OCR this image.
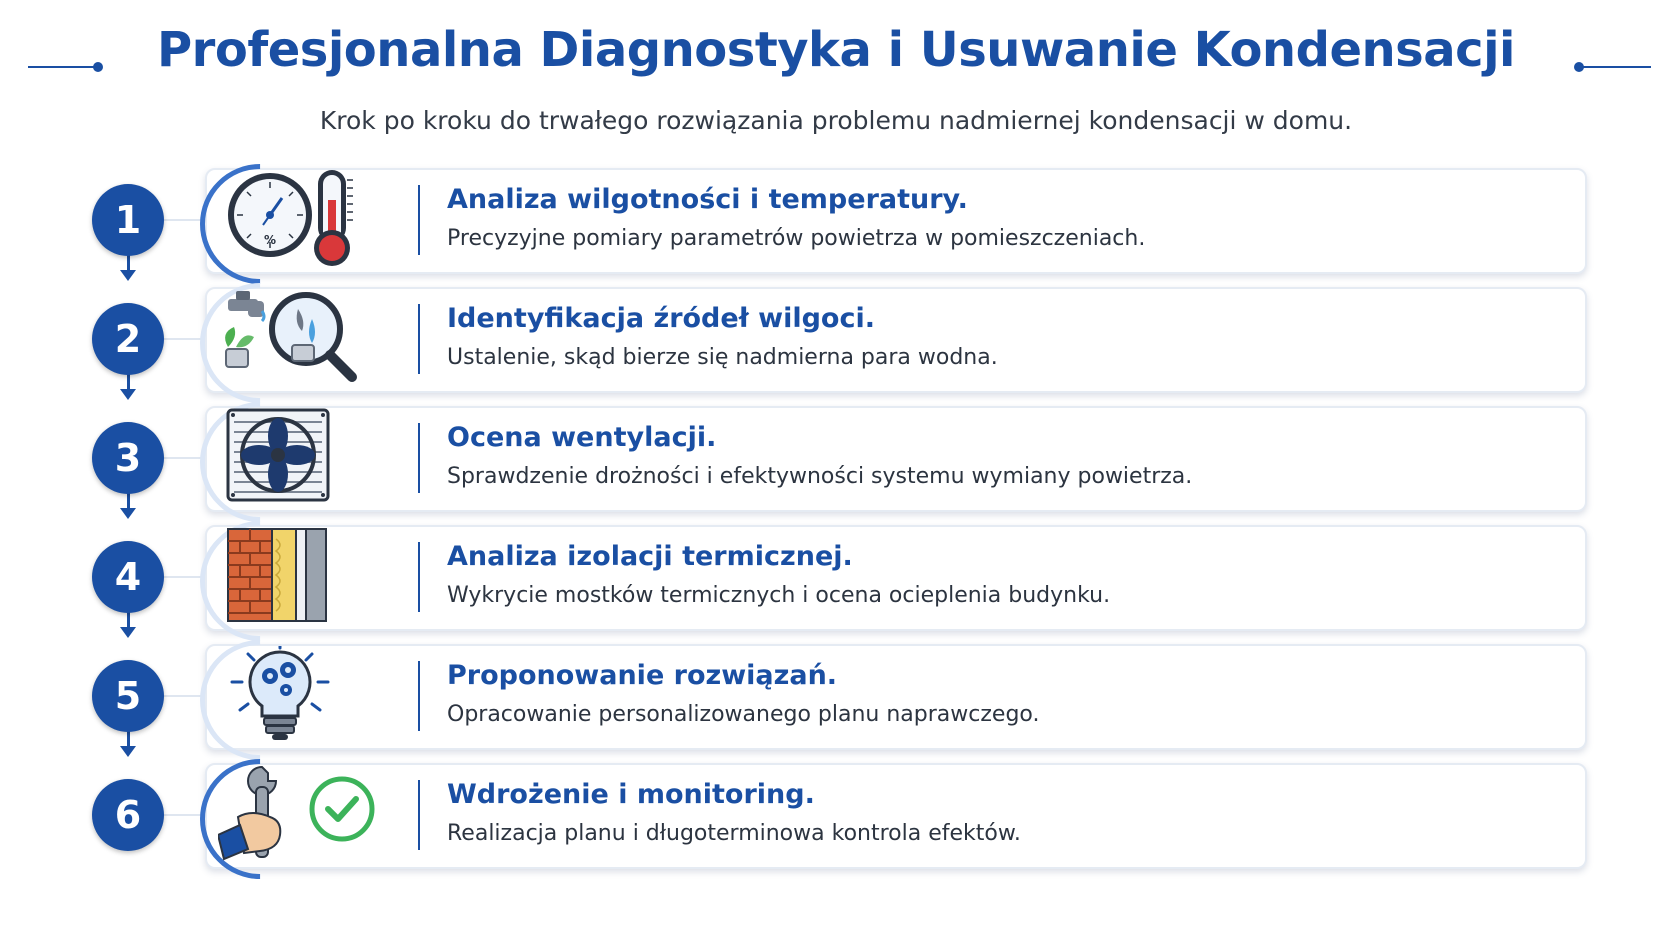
Profesjonalna Diagnostyka i Usuwanie Kondensacji

Krok po kroku do trwałego rozwiązania problemu nadmiernej kondensacji w domu.

1	%
Analiza wilgotności i temperatury.

Precyzyjne pomiary parametrów powietrza w pomieszczeniach.

2	Identyfikacja źródeł wilgoci.

Ustalenie, skąd bierze się nadmierna para wodna.

3	Ocena wentylacji.

Sprawdzenie drożności i efektywności systemu wymiany powietrza.

4	Analiza izolacji termicznej.

Wykrycie mostków termicznych i ocena ocieplenia budynku.

5	Proponowanie rozwiązań.

Opracowanie personalizowanego planu naprawczego.

6	Wdrożenie i monitoring.

Realizacja planu i długoterminowa kontrola efektów.
